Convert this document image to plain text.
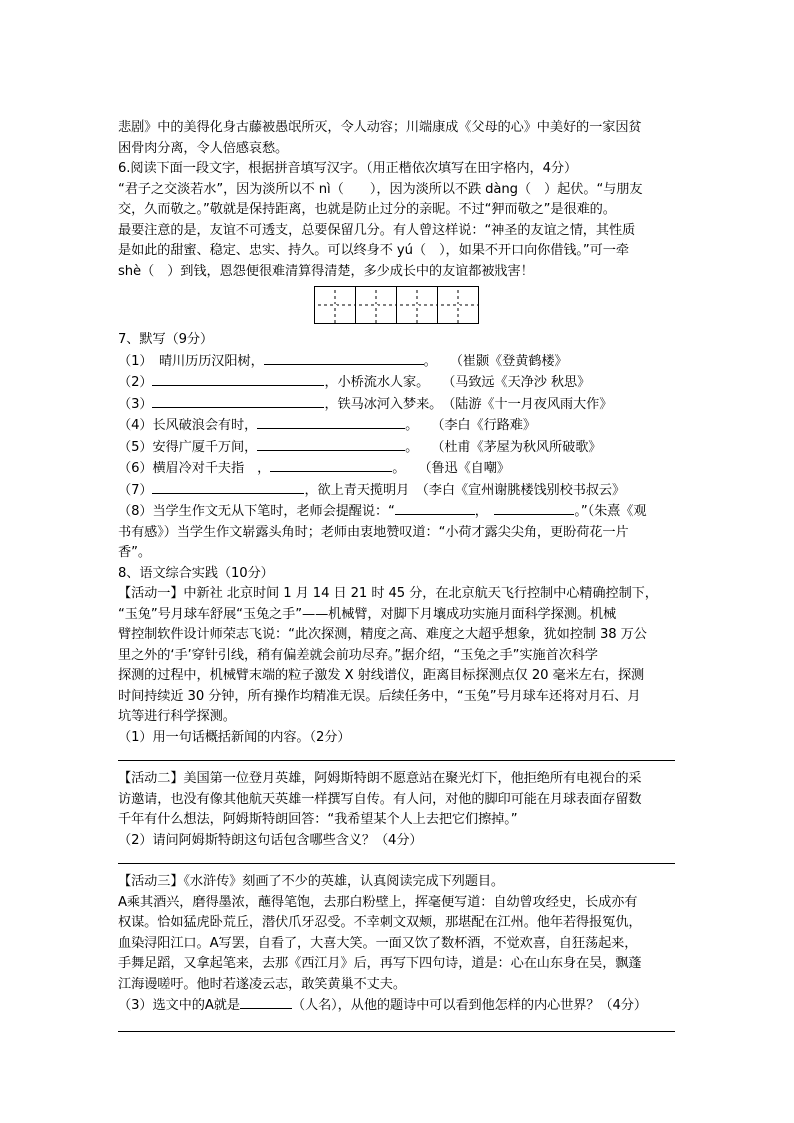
悲剧》中的美得化身古藤被愚氓所灭，令人动容；川端康成《父母的心》中美好的一家因贫
困骨肉分离，令人倍感哀愁。
6.阅读下面一段文字，根据拼音填写汉字。（用正楷依次填写在田字格内，4分）
“君子之交淡若水”，因为淡所以不 nì（　　），因为淡所以不跌 dàng（　）起伏。“与朋友
交，久而敬之。”敬就是保持距离，也就是防止过分的亲昵。不过“狎而敬之”是很难的。
最要注意的是，友谊不可透支，总要保留几分。有人曾这样说：“神圣的友谊之情，其性质
是如此的甜蜜、稳定、忠实、持久。可以终身不 yú（　），如果不开口向你借钱。”可一牵
shè（　）到钱，恩怨便很难清算得清楚，多少成长中的友谊都被戕害！
7、默写（9分）
（1）　晴川历历汉阳树，	。　　（崔颢《登黄鹤楼》
（2）	，小桥流水人家。　　（马致远《天净沙 秋思》
（3）	，铁马冰河入梦来。　（陆游《十一月夜风雨大作》
（4）长风破浪会有时，	。　　（李白《行路难》
（5）安得广厦千万间，	。　　（杜甫《茅屋为秋风所破歌》
（6）横眉冷对千夫指　，	。　　（鲁迅《自嘲》
（7）	，欲上青天揽明月　（李白《宣州谢朓楼饯别校书叔云》
（8）当学生作文无从下笔时，老师会提醒说：“	，　	。”（朱熹《观
书有感》）当学生作文崭露头角时；老师由衷地赞叹道：“小荷才露尖尖角，更盼荷花一片
香”。
8、语文综合实践（10分）
【活动一】中新社 北京时间 1 月 14 日 21 时 45 分，在北京航天飞行控制中心精确控制下，
“玉兔”号月球车舒展“玉兔之手”——机械臂，对脚下月壤成功实施月面科学探测。机械
臂控制软件设计师荣志飞说：“此次探测，精度之高、难度之大超乎想象，犹如控制 38 万公
里之外的‘手’穿针引线，稍有偏差就会前功尽弃。”据介绍，“玉兔之手”实施首次科学
探测的过程中，机械臂末端的粒子激发 X 射线谱仪，距离目标探测点仅 20 毫米左右，探测
时间持续近 30 分钟，所有操作均精准无误。后续任务中，“玉兔”号月球车还将对月石、月
坑等进行科学探测。
（1）用一句话概括新闻的内容。（2分）
【活动二】美国第一位登月英雄，阿姆斯特朗不愿意站在聚光灯下，他拒绝所有电视台的采
访邀请，也没有像其他航天英雄一样撰写自传。有人问，对他的脚印可能在月球表面存留数
千年有什么想法，阿姆斯特朗回答：“我希望某个人上去把它们擦掉。”
（2）请问阿姆斯特朗这句话包含哪些含义？（4分）
【活动三】《水浒传》刻画了不少的英雄，认真阅读完成下列题目。
A乘其酒兴，磨得墨浓，蘸得笔饱，去那白粉壁上，挥毫便写道：自幼曾攻经史，长成亦有
权谋。恰如猛虎卧荒丘，潜伏爪牙忍受。不幸刺文双颊，那堪配在江州。他年若得报冤仇，
血染浔阳江口。A写罢，自看了，大喜大笑。一面又饮了数杯酒，不觉欢喜，自狂荡起来，
手舞足蹈，又拿起笔来，去那《西江月》后，再写下四句诗，道是：心在山东身在吴，飘蓬
江海谩嗟吁。他时若遂凌云志，敢笑黄巢不丈夫。
（3）选文中的A就是	（人名），从他的题诗中可以看到他怎样的内心世界？（4分）
